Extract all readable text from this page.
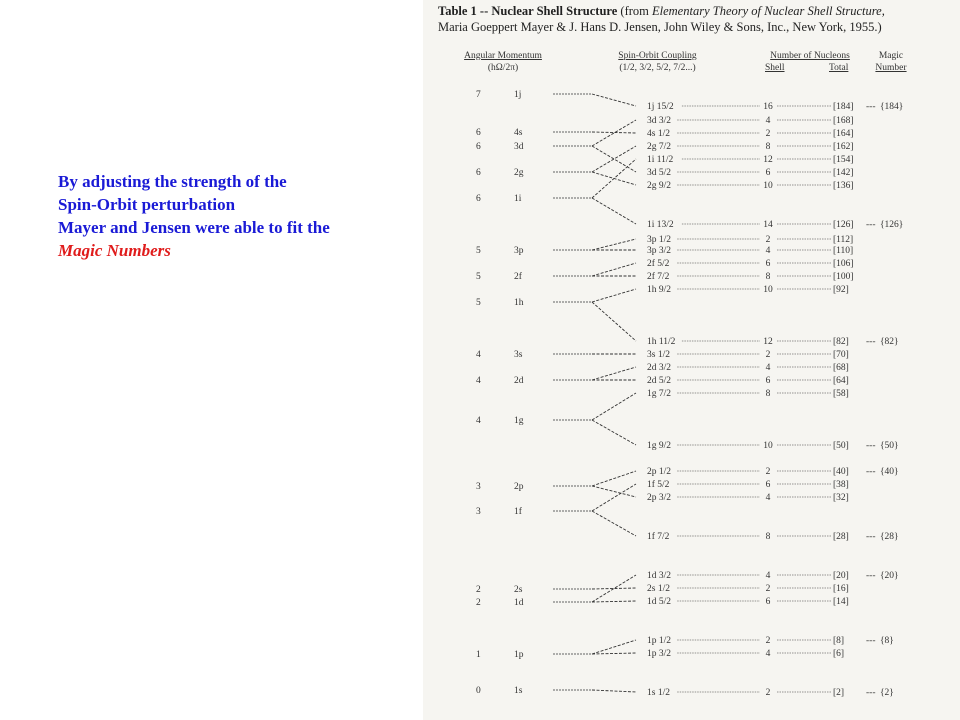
By adjusting the strength of the
Spin-Orbit perturbation
Mayer and Jensen were able to fit the
Magic Numbers
Table 1 -- Nuclear Shell Structure (from Elementary Theory of Nuclear Shell Structure,
Maria Goeppert Mayer & J. Hans D. Jensen, John Wiley & Sons, Inc., New York, 1955.)
Angular Momentum
(hΩ/2π)
Spin-Orbit Coupling
(1/2, 3/2, 5/2, 7/2...)
Number of Nucleons
Shell	Total
Magic
Number
7	1j
6	4s
6	3d
6	2g
6	1i
5	3p
5	2f
5	1h
4	3s
4	2d
4	1g
3	2p
3	1f
2	2s
2	1d
1	1p
0	1s
1j 15/2	16	[184] --- {184}
3d 3/2	4	[168]
4s 1/2	2	[164]
2g 7/2	8	[162]
1i 11/2	12	[154]
3d 5/2	6	[142]
2g 9/2	10	[136]
1i 13/2	14	[126] --- {126}
3p 1/2	2	[112]
3p 3/2	4	[110]
2f 5/2	6	[106]
2f 7/2	8	[100]
1h 9/2	10	[92]
1h 11/2	12	[82] --- {82}
3s 1/2	2	[70]
2d 3/2	4	[68]
2d 5/2	6	[64]
1g 7/2	8	[58]
1g 9/2	10	[50] --- {50}
2p 1/2	2	[40] --- {40}
1f 5/2	6	[38]
2p 3/2	4	[32]
1f 7/2	8	[28] --- {28}
1d 3/2	4	[20] --- {20}
2s 1/2	2	[16]
1d 5/2	6	[14]
1p 1/2	2	[8] --- {8}
1p 3/2	4	[6]
1s 1/2	2	[2] --- {2}
